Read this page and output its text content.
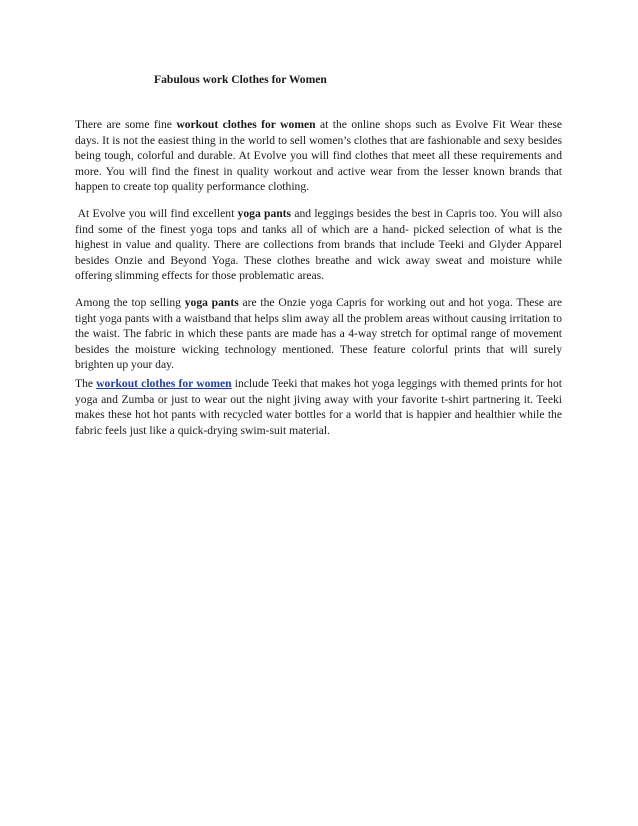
Fabulous work Clothes for Women

There are some fine workout clothes for women at the online shops such as Evolve Fit Wear these days. It is not the easiest thing in the world to sell women’s clothes that are fashionable and sexy besides being tough, colorful and durable. At Evolve you will find clothes that meet all these requirements and more. You will find the finest in quality workout and active wear from the lesser known brands that happen to create top quality performance clothing.

At Evolve you will find excellent yoga pants and leggings besides the best in Capris too. You will also find some of the finest yoga tops and tanks all of which are a hand- picked selection of what is the highest in value and quality. There are collections from brands that include Teeki and Glyder Apparel besides Onzie and Beyond Yoga. These clothes breathe and wick away sweat and moisture while offering slimming effects for those problematic areas.

Among the top selling yoga pants are the Onzie yoga Capris for working out and hot yoga. These are tight yoga pants with a waistband that helps slim away all the problem areas without causing irritation to the waist. The fabric in which these pants are made has a 4-way stretch for optimal range of movement besides the moisture wicking technology mentioned. These feature colorful prints that will surely brighten up your day.

The workout clothes for women include Teeki that makes hot yoga leggings with themed prints for hot yoga and Zumba or just to wear out the night jiving away with your favorite t-shirt partnering it. Teeki makes these hot hot pants with recycled water bottles for a world that is happier and healthier while the fabric feels just like a quick-drying swim-suit material.
